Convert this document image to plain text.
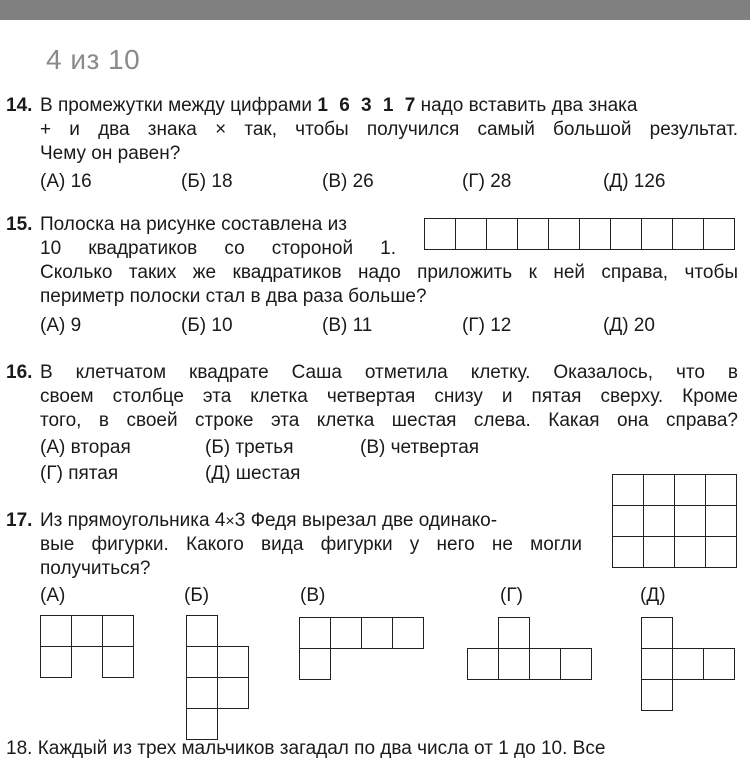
4 из 10
14. В промежутки между цифрами 1 6 3 1 7 надо вставить два знака
+ и два знака × так, чтобы получился самый большой результат.
Чему он равен?
(А) 16	(Б) 18	(В) 26	(Г) 28	(Д) 126
15. Полоска на рисунке составлена из
10 квадратиков со стороной 1.
Сколько таких же квадратиков надо приложить к ней справа, чтобы
периметр полоски стал в два раза больше?
(А) 9	(Б) 10	(В) 11	(Г) 12	(Д) 20
16. В клетчатом квадрате Саша отметила клетку. Оказалось, что в
своем столбце эта клетка четвертая снизу и пятая сверху. Кроме
того, в своей строке эта клетка шестая слева. Какая она справа?
(А) вторая	(Б) третья	(В) четвертая
(Г) пятая	(Д) шестая
17. Из прямоугольника 4×3 Федя вырезал две одинако-
вые фигурки. Какого вида фигурки у него не могли
получиться?
(А)	(Б)	(В)	(Г)	(Д)
18. Каждый из трех мальчиков загадал по два числа от 1 до 10. Все
